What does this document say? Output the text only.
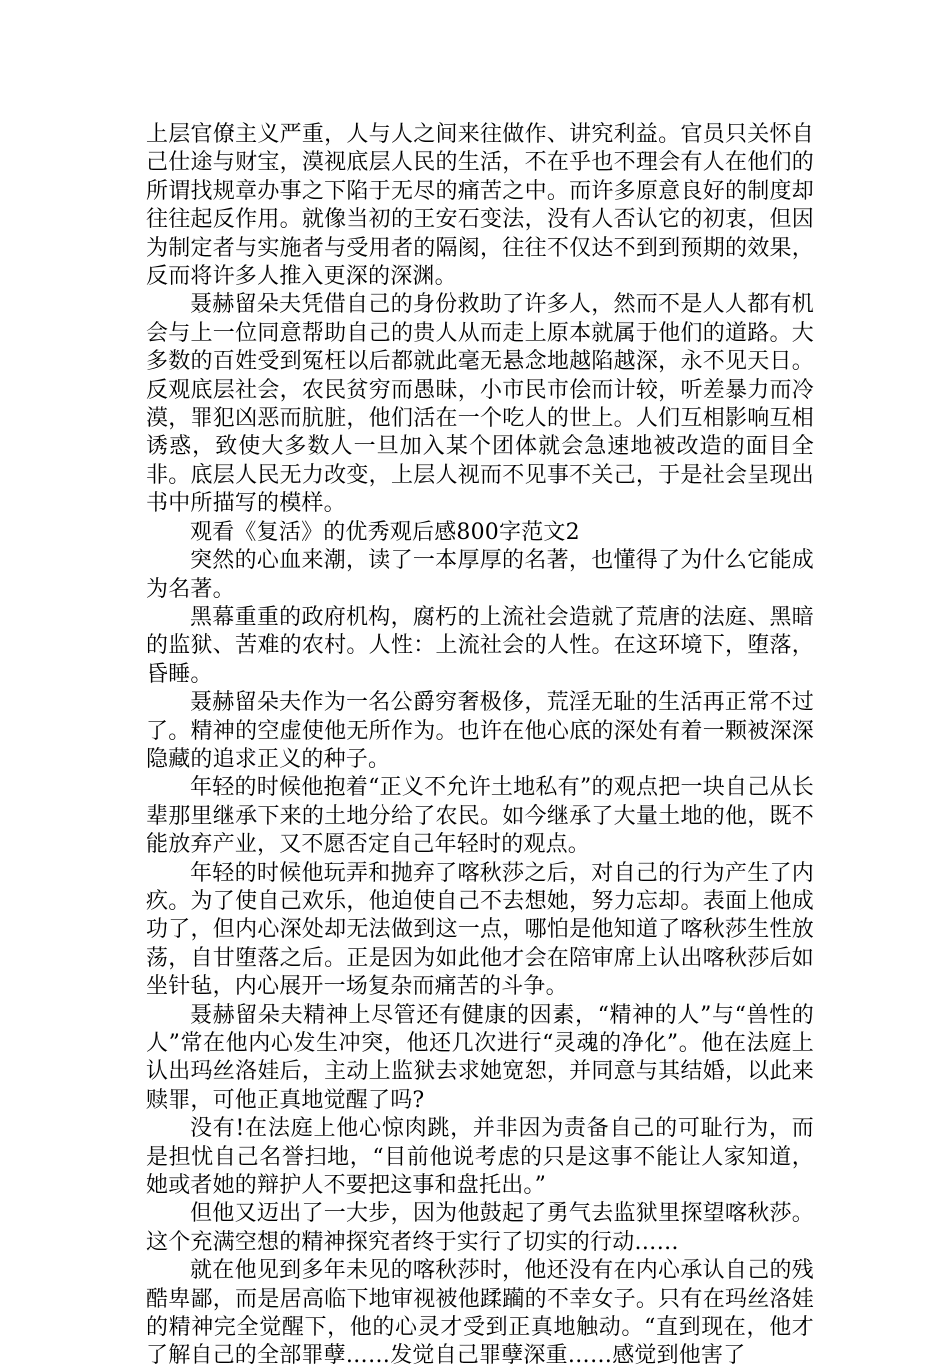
上层官僚主义严重，人与人之间来往做作、讲究利益。官员只关怀自己仕途与财宝，漠视底层人民的生活，不在乎也不理会有人在他们的所谓找规章办事之下陷于无尽的痛苦之中。而许多原意良好的制度却往往起反作用。就像当初的王安石变法，没有人否认它的初衷，但因为制定者与实施者与受用者的隔阂，往往不仅达不到到预期的效果，反而将许多人推入更深的深渊。

聂赫留朵夫凭借自己的身份救助了许多人，然而不是人人都有机会与上一位同意帮助自己的贵人从而走上原本就属于他们的道路。大多数的百姓受到冤枉以后都就此毫无悬念地越陷越深，永不见天日。反观底层社会，农民贫穷而愚昧，小市民市侩而计较，听差暴力而冷漠，罪犯凶恶而肮脏，他们活在一个吃人的世上。人们互相影响互相诱惑，致使大多数人一旦加入某个团体就会急速地被改造的面目全非。底层人民无力改变，上层人视而不见事不关己，于是社会呈现出书中所描写的模样。

观看《复活》的优秀观后感800字范文2

突然的心血来潮，读了一本厚厚的名著，也懂得了为什么它能成为名著。

黑幕重重的政府机构，腐朽的上流社会造就了荒唐的法庭、黑暗的监狱、苦难的农村。人性：上流社会的人性。在这环境下，堕落，昏睡。

聂赫留朵夫作为一名公爵穷奢极侈，荒淫无耻的生活再正常不过了。精神的空虚使他无所作为。也许在他心底的深处有着一颗被深深隐藏的追求正义的种子。

年轻的时候他抱着“正义不允许土地私有”的观点把一块自己从长辈那里继承下来的土地分给了农民。如今继承了大量土地的他，既不能放弃产业，又不愿否定自己年轻时的观点。

年轻的时候他玩弄和抛弃了喀秋莎之后，对自己的行为产生了内疚。为了使自己欢乐，他迫使自己不去想她，努力忘却。表面上他成功了，但内心深处却无法做到这一点，哪怕是他知道了喀秋莎生性放荡，自甘堕落之后。正是因为如此他才会在陪审席上认出喀秋莎后如坐针毡，内心展开一场复杂而痛苦的斗争。

聂赫留朵夫精神上尽管还有健康的因素，“精神的人”与“兽性的人”常在他内心发生冲突，他还几次进行“灵魂的净化”。他在法庭上认出玛丝洛娃后，主动上监狱去求她宽恕，并同意与其结婚，以此来赎罪，可他正真地觉醒了吗?

没有!在法庭上他心惊肉跳，并非因为责备自己的可耻行为，而是担忧自己名誉扫地，“目前他说考虑的只是这事不能让人家知道，她或者她的辩护人不要把这事和盘托出。”

但他又迈出了一大步，因为他鼓起了勇气去监狱里探望喀秋莎。这个充满空想的精神探究者终于实行了切实的行动……

就在他见到多年未见的喀秋莎时，他还没有在内心承认自己的残酷卑鄙，而是居高临下地审视被他蹂躏的不幸女子。只有在玛丝洛娃的精神完全觉醒下，他的心灵才受到正真地触动。“直到现在，他才了解自己的全部罪孽……发觉自己罪孽深重……感觉到他害了
